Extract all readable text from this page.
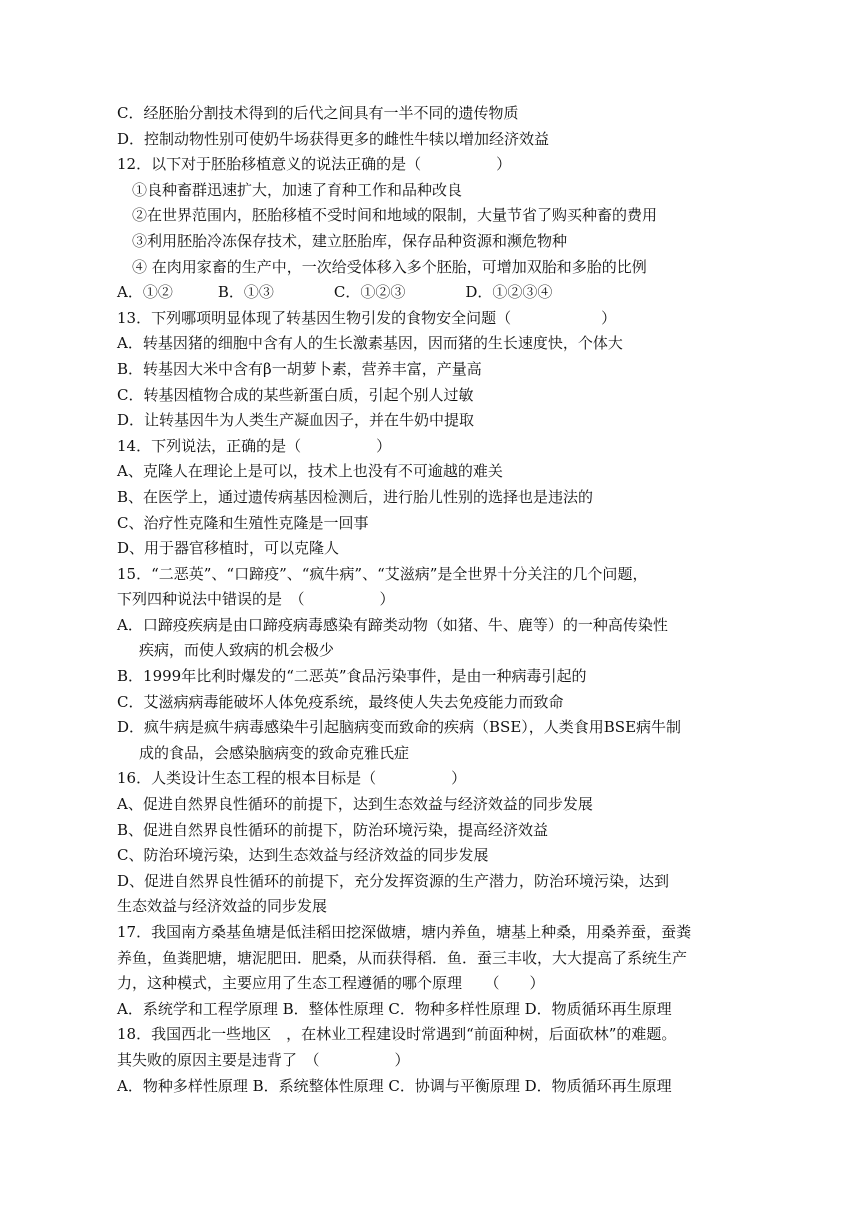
C．经胚胎分割技术得到的后代之间具有一半不同的遗传物质
D．控制动物性别可使奶牛场获得更多的雌性牛犊以增加经济效益
12．以下对于胚胎移植意义的说法正确的是（　　　　　）
①良种畜群迅速扩大，加速了育种工作和品种改良
②在世界范围内，胚胎移植不受时间和地域的限制，大量节省了购买种畜的费用
③利用胚胎冷冻保存技术，建立胚胎库，保存品种资源和濒危物种
④ 在肉用家畜的生产中，一次给受体移入多个胚胎，可增加双胎和多胎的比例
A．①②　　　B．①③　　　　C．①②③　　　　D．①②③④
13．下列哪项明显体现了转基因生物引发的食物安全问题（　　　　　　）
A．转基因猪的细胞中含有人的生长激素基因，因而猪的生长速度快，个体大
B．转基因大米中含有β一胡萝卜素，营养丰富，产量高
C．转基因植物合成的某些新蛋白质，引起个别人过敏
D．让转基因牛为人类生产凝血因子，并在牛奶中提取
14．下列说法，正确的是（　　　　　）
A、克隆人在理论上是可以，技术上也没有不可逾越的难关
B、在医学上，通过遗传病基因检测后，进行胎儿性别的选择也是违法的
C、治疗性克隆和生殖性克隆是一回事
D、用于器官移植时，可以克隆人
15．“二恶英”、“口蹄疫”、“疯牛病”、“艾滋病”是全世界十分关注的几个问题，
下列四种说法中错误的是　（　　　　　）
A．口蹄疫疾病是由口蹄疫病毒感染有蹄类动物（如猪、牛、鹿等）的一种高传染性
疾病，而使人致病的机会极少
B．1999年比利时爆发的“二恶英”食品污染事件，是由一种病毒引起的
C．艾滋病病毒能破坏人体免疫系统，最终使人失去免疫能力而致命
D．疯牛病是疯牛病毒感染牛引起脑病变而致命的疾病（BSE），人类食用BSE病牛制
成的食品，会感染脑病变的致命克雅氏症
16．人类设计生态工程的根本目标是（　　　　　）
A、促进自然界良性循环的前提下，达到生态效益与经济效益的同步发展
B、促进自然界良性循环的前提下，防治环境污染，提高经济效益
C、防治环境污染，达到生态效益与经济效益的同步发展
D、促进自然界良性循环的前提下，充分发挥资源的生产潜力，防治环境污染，达到
生态效益与经济效益的同步发展
17．我国南方桑基鱼塘是低洼稻田挖深做塘，塘内养鱼，塘基上种桑，用桑养蚕，蚕粪
养鱼，鱼粪肥塘，塘泥肥田．肥桑，从而获得稻．鱼．蚕三丰收，大大提高了系统生产
力，这种模式，主要应用了生态工程遵循的哪个原理　　（　　）
A．系统学和工程学原理 B．整体性原理 C．物种多样性原理 D．物质循环再生原理
18．我国西北一些地区　，在林业工程建设时常遇到“前面种树，后面砍林”的难题。
其失败的原因主要是违背了　（　　　　　）
A．物种多样性原理 B．系统整体性原理 C．协调与平衡原理 D．物质循环再生原理
